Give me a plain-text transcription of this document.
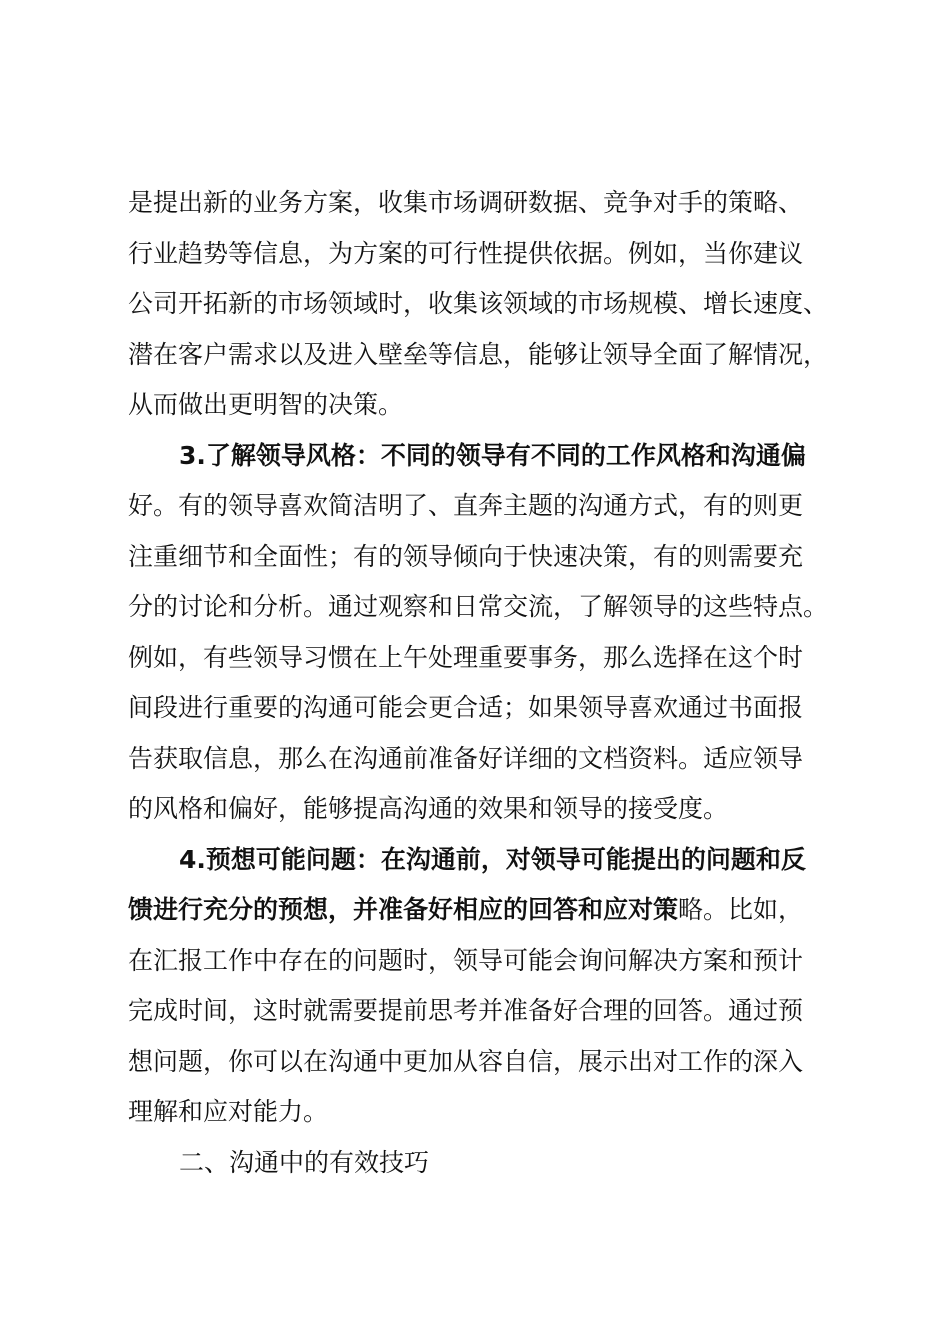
是提出新的业务方案，收集市场调研数据、竞争对手的策略、
行业趋势等信息，为方案的可行性提供依据。例如，当你建议
公司开拓新的市场领域时，收集该领域的市场规模、增长速度、
潜在客户需求以及进入壁垒等信息，能够让领导全面了解情况，
从而做出更明智的决策。
3.了解领导风格：不同的领导有不同的工作风格和沟通偏
好。有的领导喜欢简洁明了、直奔主题的沟通方式，有的则更
注重细节和全面性；有的领导倾向于快速决策，有的则需要充
分的讨论和分析。通过观察和日常交流，了解领导的这些特点。
例如，有些领导习惯在上午处理重要事务，那么选择在这个时
间段进行重要的沟通可能会更合适；如果领导喜欢通过书面报
告获取信息，那么在沟通前准备好详细的文档资料。适应领导
的风格和偏好，能够提高沟通的效果和领导的接受度。
4.预想可能问题：在沟通前，对领导可能提出的问题和反
馈进行充分的预想，并准备好相应的回答和应对策略。比如，
在汇报工作中存在的问题时，领导可能会询问解决方案和预计
完成时间，这时就需要提前思考并准备好合理的回答。通过预
想问题，你可以在沟通中更加从容自信，展示出对工作的深入
理解和应对能力。
二、沟通中的有效技巧
